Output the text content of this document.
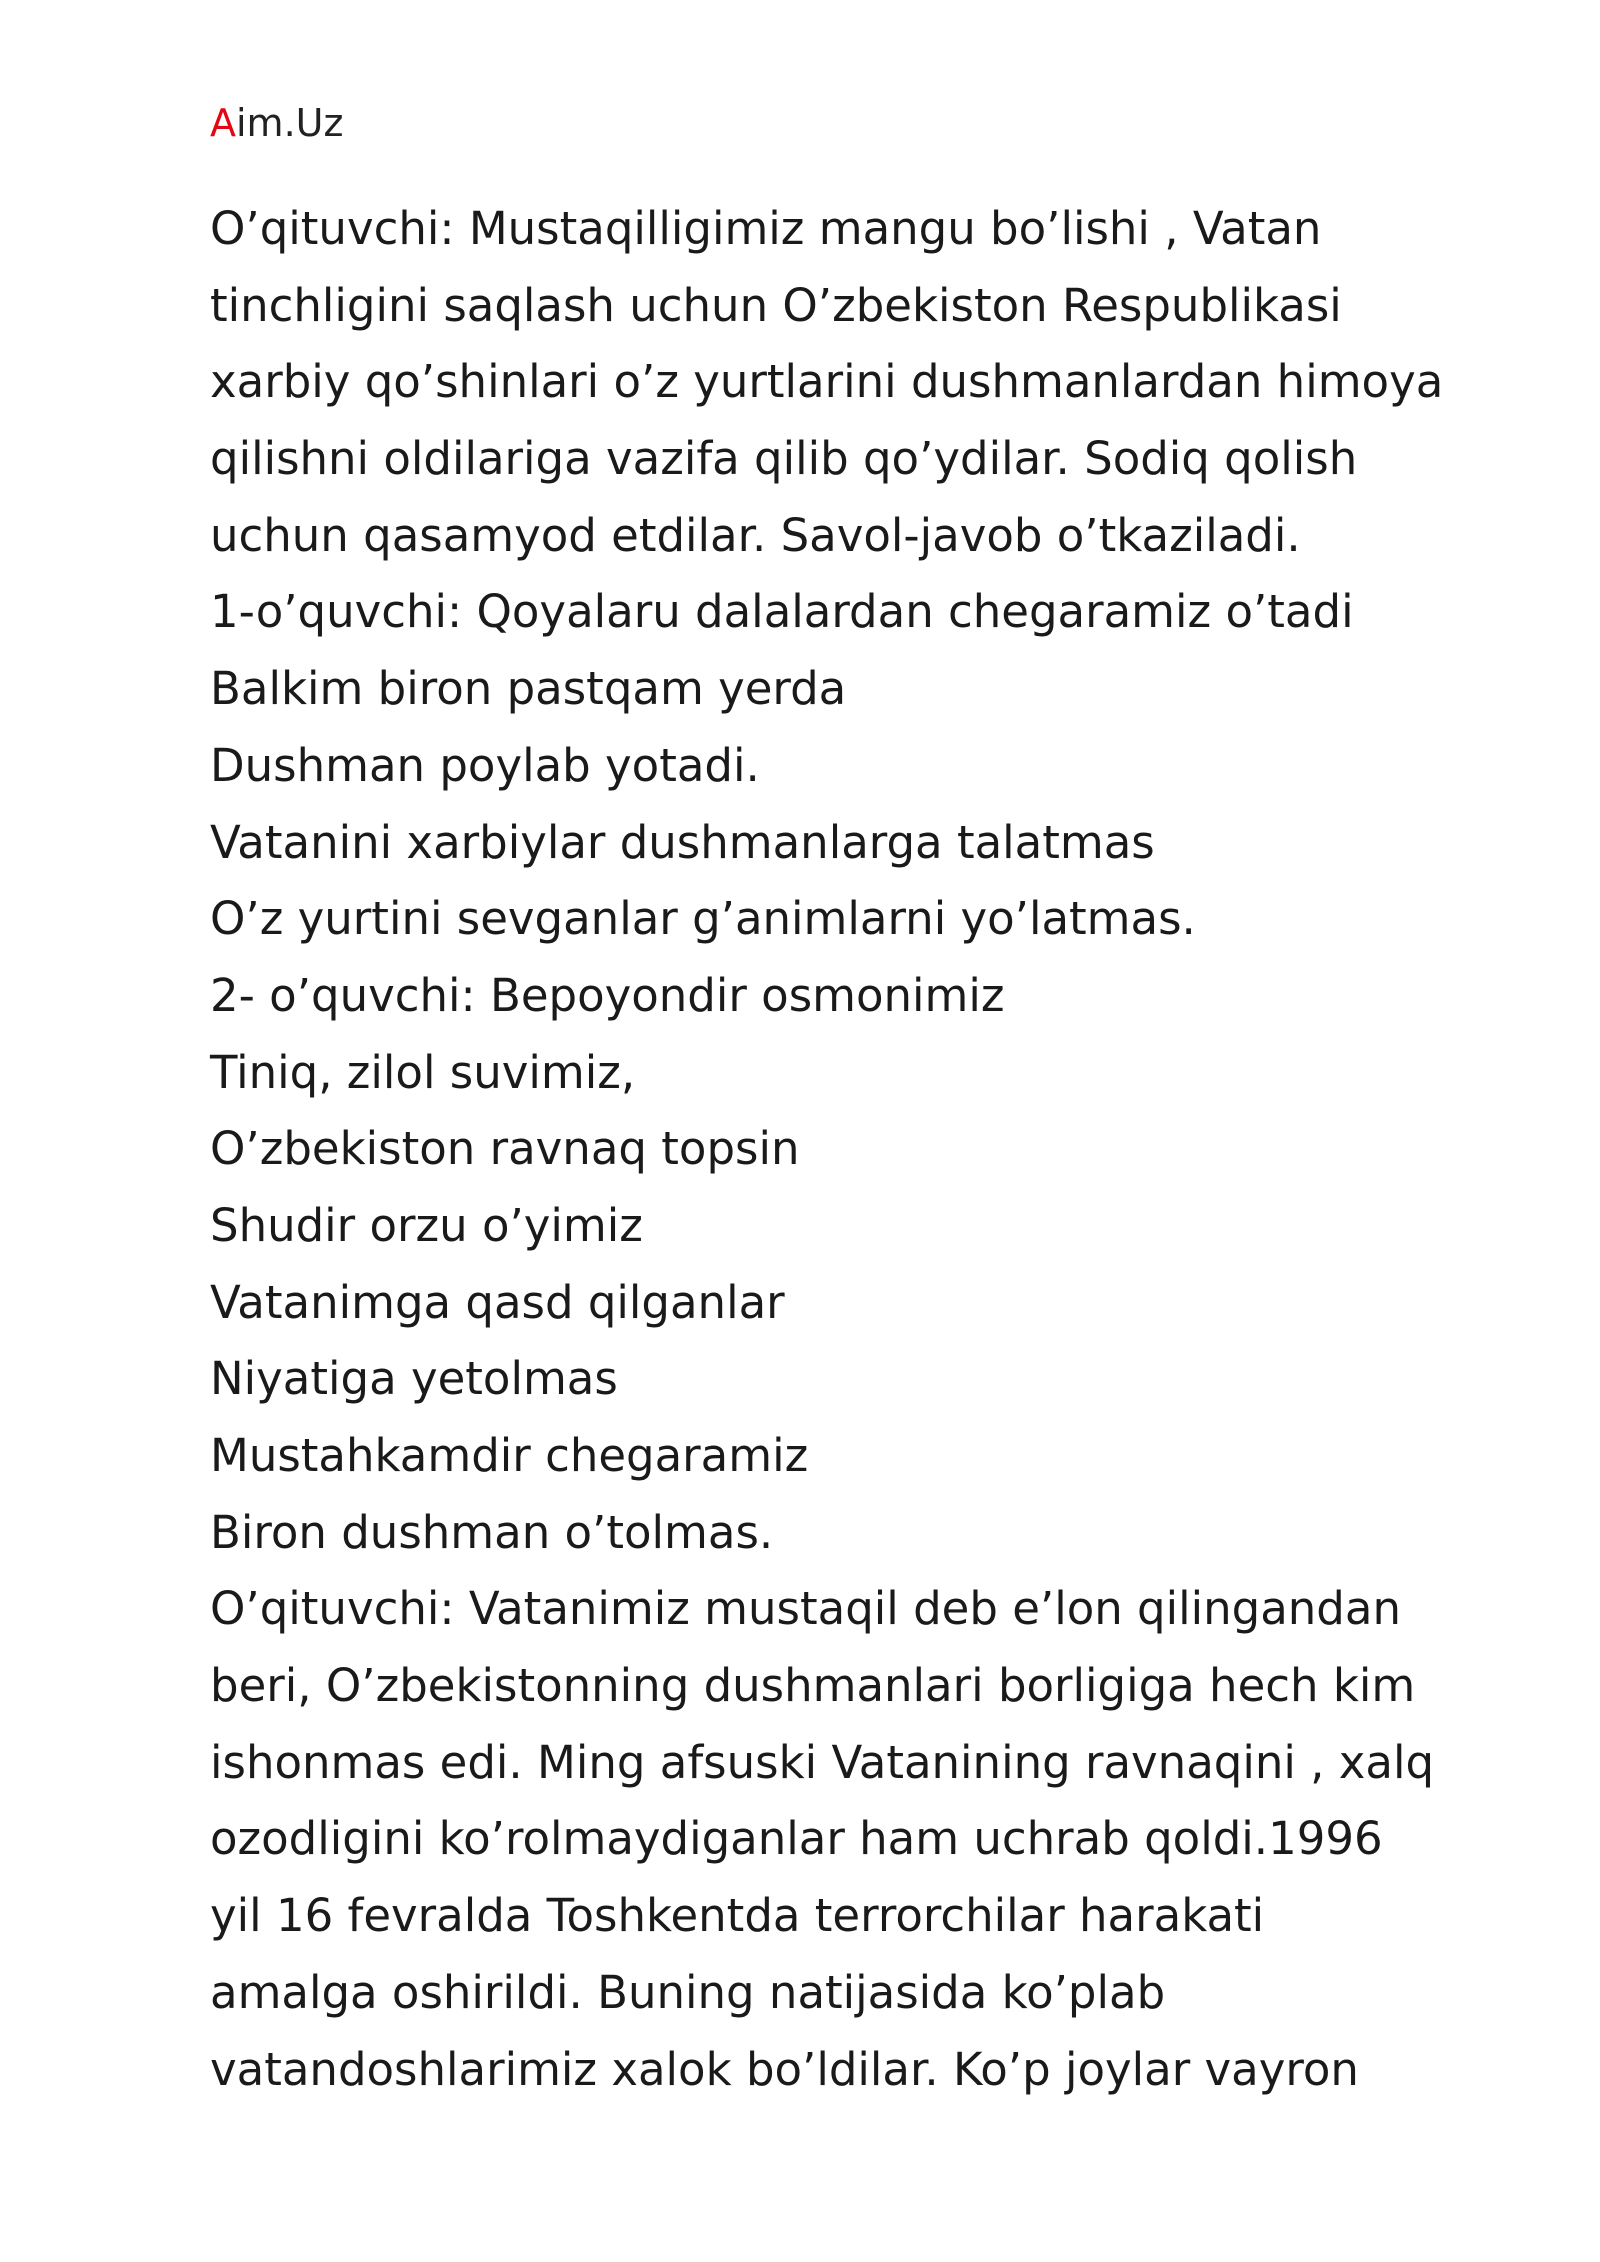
Aim.Uz
O’qituvchi: Mustaqilligimiz mangu bo’lishi , Vatan
tinchligini saqlash uchun O’zbekiston Respublikasi
xarbiy qo’shinlari o’z yurtlarini dushmanlardan himoya
qilishni oldilariga vazifa qilib qo’ydilar. Sodiq qolish
uchun qasamyod etdilar. Savol-javob o’tkaziladi.
1-o’quvchi: Qoyalaru dalalardan chegaramiz o’tadi
Balkim biron pastqam yerda
Dushman poylab yotadi.
Vatanini xarbiylar dushmanlarga talatmas
O’z yurtini sevganlar g’animlarni yo’latmas.
2- o’quvchi: Bepoyondir osmonimiz
Tiniq, zilol suvimiz,
O’zbekiston ravnaq topsin
Shudir orzu o’yimiz
Vatanimga qasd qilganlar
Niyatiga yetolmas
Mustahkamdir chegaramiz
Biron dushman o’tolmas.
O’qituvchi: Vatanimiz mustaqil deb e’lon qilingandan
beri, O’zbekistonning dushmanlari borligiga hech kim
ishonmas edi. Ming afsuski Vatanining ravnaqini , xalq
ozodligini ko’rolmaydiganlar ham uchrab qoldi.1996
yil 16 fevralda Toshkentda terrorchilar harakati
amalga oshirildi. Buning natijasida ko’plab
vatandoshlarimiz xalok bo’ldilar. Ko’p joylar vayron
